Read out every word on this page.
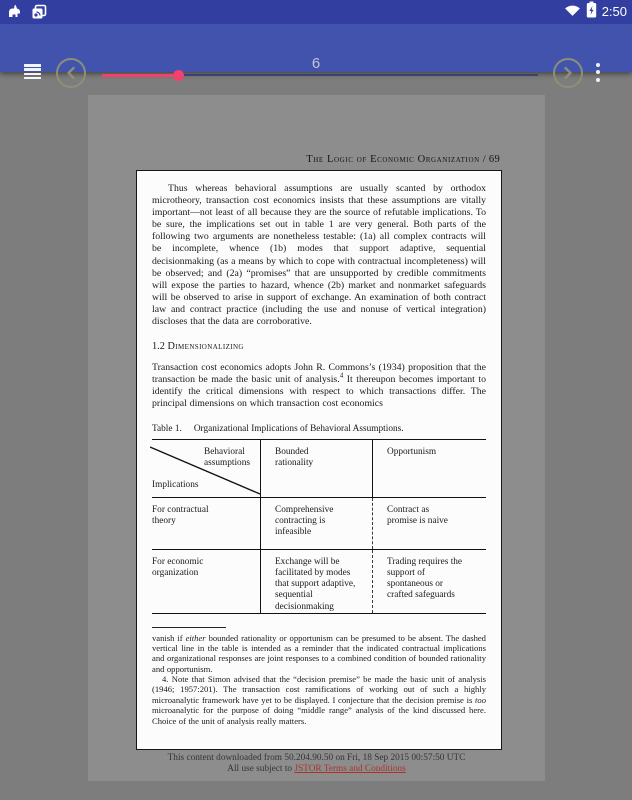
2:50
6
The Logic of Economic Organization / 69

Thus whereas behavioral assumptions are usually scanted by orthodox microtheory, transaction cost economics insists that these assumptions are vitally important—not least of all because they are the source of refutable implications. To be sure, the implications set out in table 1 are very general. Both parts of the following two arguments are nonetheless testable: (1a) all complex contracts will be incomplete, whence (1b) modes that support adaptive, sequential decisionmaking (as a means by which to cope with contractual incompleteness) will be observed; and (2a) “promises” that are unsupported by credible commitments will expose the parties to hazard, whence (2b) market and nonmarket safeguards will be observed to arise in support of exchange. An examination of both contract law and contract practice (including the use and nonuse of vertical integration) discloses that the data are corroborative.

1.2 Dimensionalizing

Transaction cost economics adopts John R. Commons’s (1934) proposition that the transaction be made the basic unit of analysis.$^4$ It thereupon becomes important to identify the critical dimensions with respect to which transactions differ. The principal dimensions on which transaction cost economics

Table 1. Organizational Implications of Behavioral Assumptions.

Behavioral assumptions
Implications
Bounded rationality
Opportunism
For contractual theory
Comprehensive contracting is infeasible
Contract as promise is naive
For economic organization
Exchange will be facilitated by modes that support adaptive, sequential decisionmaking
Trading requires the support of spontaneous or crafted safeguards

vanish if either bounded rationality or opportunism can be presumed to be absent. The dashed vertical line in the table is intended as a reminder that the indicated contractual implications and organizational responses are joint responses to a combined condition of bounded rationality and opportunism.

4. Note that Simon advised that the “decision premise” be made the basic unit of analysis (1946; 1957:201). The transaction cost ramifications of working out of such a highly microanalytic framework have yet to be displayed. I conjecture that the decision premise is too microanalytic for the purpose of doing “middle range” analysis of the kind discussed here. Choice of the unit of analysis really matters.

This content downloaded from 50.204.90.50 on Fri, 18 Sep 2015 00:57:50 UTC
All use subject to JSTOR Terms and Conditions
